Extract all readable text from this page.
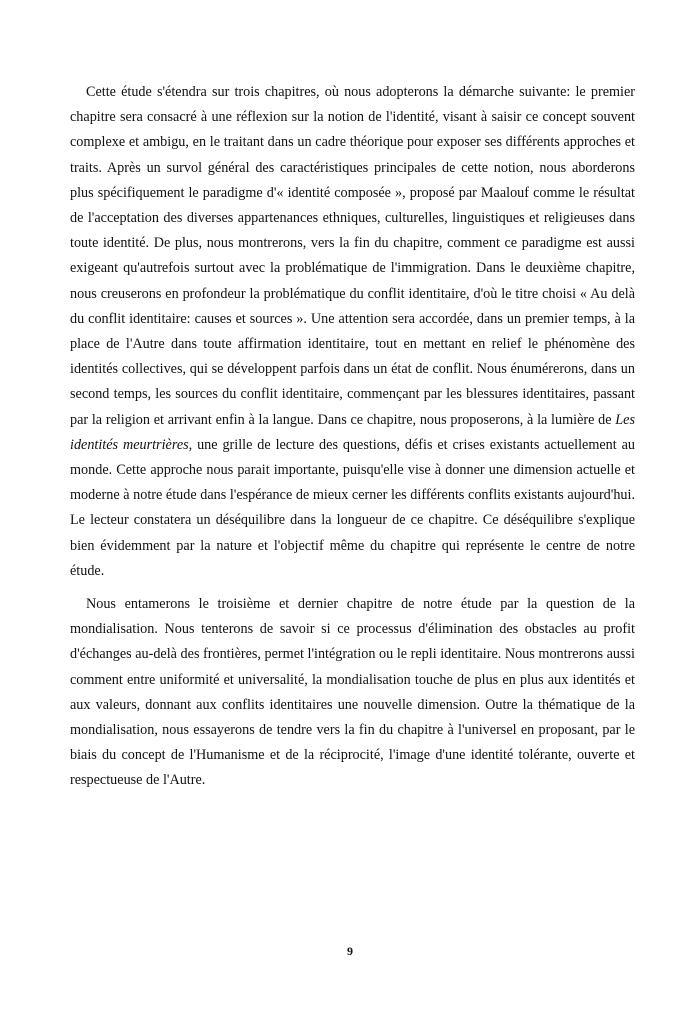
Cette étude s'étendra sur trois chapitres, où nous adopterons la démarche suivante: le premier chapitre sera consacré à une réflexion sur la notion de l'identité, visant à saisir ce concept souvent complexe et ambigu, en le traitant dans un cadre théorique pour exposer ses différents approches et traits. Après un survol général des caractéristiques principales de cette notion, nous aborderons plus spécifiquement le paradigme d'« identité composée », proposé par Maalouf comme le résultat de l'acceptation des diverses appartenances ethniques, culturelles, linguistiques et religieuses dans toute identité. De plus, nous montrerons, vers la fin du chapitre, comment ce paradigme est aussi exigeant qu'autrefois surtout avec la problématique de l'immigration. Dans le deuxième chapitre, nous creuserons en profondeur la problématique du conflit identitaire, d'où le titre choisi « Au delà du conflit identitaire: causes et sources ». Une attention sera accordée, dans un premier temps, à la place de l'Autre dans toute affirmation identitaire, tout en mettant en relief le phénomène des identités collectives, qui se développent parfois dans un état de conflit. Nous énumérerons, dans un second temps, les sources du conflit identitaire, commençant par les blessures identitaires, passant par la religion et arrivant enfin à la langue. Dans ce chapitre, nous proposerons, à la lumière de Les identités meurtrières, une grille de lecture des questions, défis et crises existants actuellement au monde. Cette approche nous parait importante, puisqu'elle vise à donner une dimension actuelle et moderne à notre étude dans l'espérance de mieux cerner les différents conflits existants aujourd'hui. Le lecteur constatera un déséquilibre dans la longueur de ce chapitre. Ce déséquilibre s'explique bien évidemment par la nature et l'objectif même du chapitre qui représente le centre de notre étude.

Nous entamerons le troisième et dernier chapitre de notre étude par la question de la mondialisation. Nous tenterons de savoir si ce processus d'élimination des obstacles au profit d'échanges au-delà des frontières, permet l'intégration ou le repli identitaire. Nous montrerons aussi comment entre uniformité et universalité, la mondialisation touche de plus en plus aux identités et aux valeurs, donnant aux conflits identitaires une nouvelle dimension. Outre la thématique de la mondialisation, nous essayerons de tendre vers la fin du chapitre à l'universel en proposant, par le biais du concept de l'Humanisme et de la réciprocité, l'image d'une identité tolérante, ouverte et respectueuse de l'Autre.

9
